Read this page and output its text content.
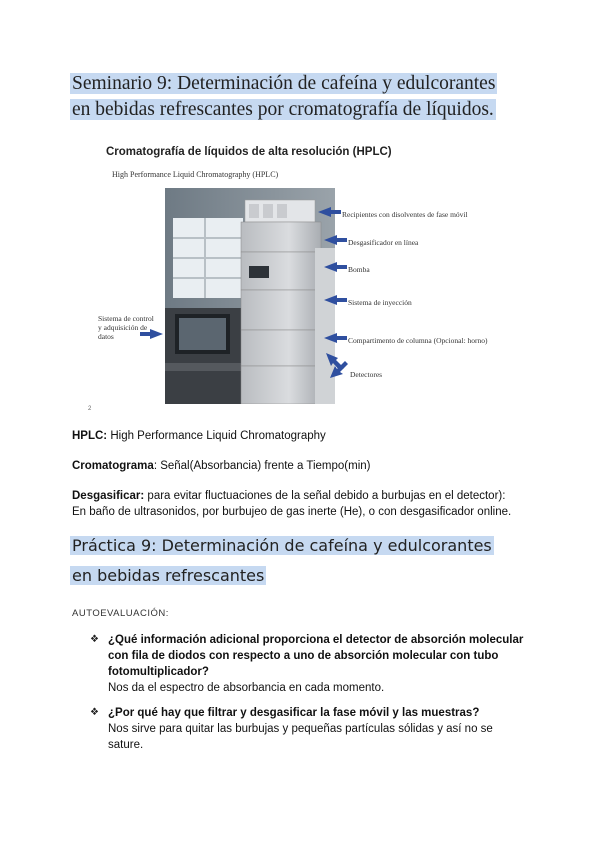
Seminario 9: Determinación de cafeína y edulcorantes en bebidas refrescantes por cromatografía de líquidos.
Cromatografía de líquidos de alta resolución (HPLC)
High Performance Liquid Chromatography (HPLC)
Recipientes con disolventes de fase móvil
Desgasificador en línea
Bomba
Sistema de inyección
Compartimento de columna (Opcional: horno)
Detectores
Sistema de control
y adquisición de
datos
2
HPLC: High Performance Liquid Chromatography
Cromatograma: Señal(Absorbancia) frente a Tiempo(min)
Desgasificar: para evitar fluctuaciones de la señal debido a burbujas en el detector):
En baño de ultrasonidos, por burbujeo de gas inerte (He), o con desgasificador online.
Práctica 9: Determinación de cafeína y edulcorantes en bebidas refrescantes
AUTOEVALUACIÓN:
❖ ¿Qué información adicional proporciona el detector de absorción molecular
con fila de diodos con respecto a uno de absorción molecular con tubo
fotomultiplicador?
Nos da el espectro de absorbancia en cada momento.
❖ ¿Por qué hay que filtrar y desgasificar la fase móvil y las muestras?
Nos sirve para quitar las burbujas y pequeñas partículas sólidas y así no se sature.
